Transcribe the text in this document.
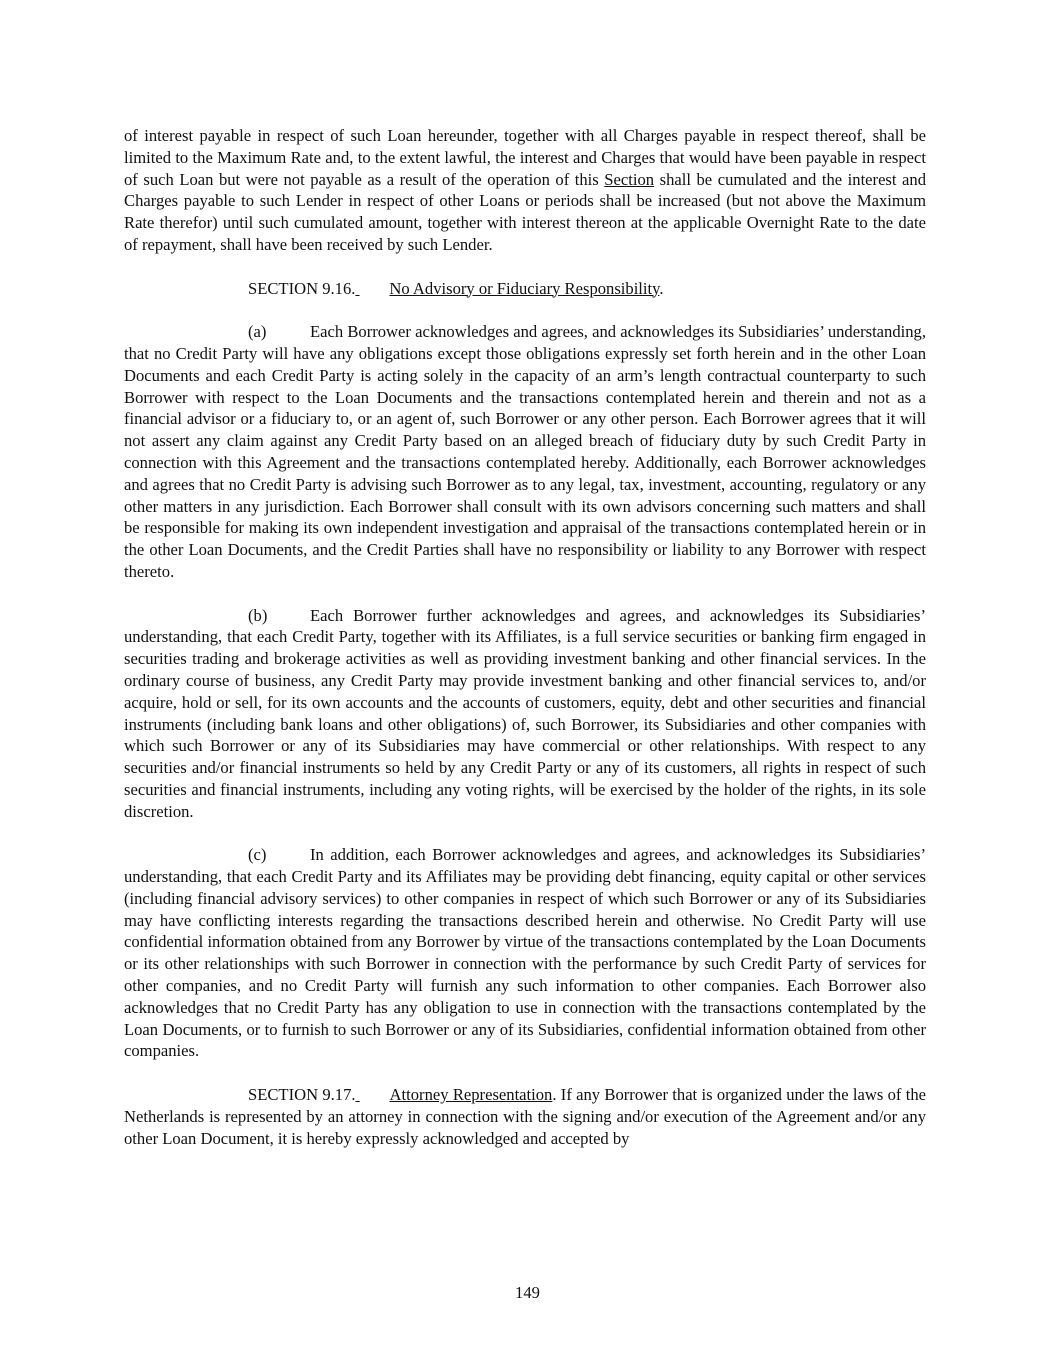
of interest payable in respect of such Loan hereunder, together with all Charges payable in respect thereof, shall be limited to the Maximum Rate and, to the extent lawful, the interest and Charges that would have been payable in respect of such Loan but were not payable as a result of the operation of this Section shall be cumulated and the interest and Charges payable to such Lender in respect of other Loans or periods shall be increased (but not above the Maximum Rate therefor) until such cumulated amount, together with interest thereon at the applicable Overnight Rate to the date of repayment, shall have been received by such Lender.

SECTION 9.16. No Advisory or Fiduciary Responsibility.

(a)	Each Borrower acknowledges and agrees, and acknowledges its Subsidiaries’ understanding, that no Credit Party will have any obligations except those obligations expressly set forth herein and in the other Loan Documents and each Credit Party is acting solely in the capacity of an arm’s length contractual counterparty to such Borrower with respect to the Loan Documents and the transactions contemplated herein and therein and not as a financial advisor or a fiduciary to, or an agent of, such Borrower or any other person. Each Borrower agrees that it will not assert any claim against any Credit Party based on an alleged breach of fiduciary duty by such Credit Party in connection with this Agreement and the transactions contemplated hereby. Additionally, each Borrower acknowledges and agrees that no Credit Party is advising such Borrower as to any legal, tax, investment, accounting, regulatory or any other matters in any jurisdiction. Each Borrower shall consult with its own advisors concerning such matters and shall be responsible for making its own independent investigation and appraisal of the transactions contemplated herein or in the other Loan Documents, and the Credit Parties shall have no responsibility or liability to any Borrower with respect thereto.

(b)	Each Borrower further acknowledges and agrees, and acknowledges its Subsidiaries’ understanding, that each Credit Party, together with its Affiliates, is a full service securities or banking firm engaged in securities trading and brokerage activities as well as providing investment banking and other financial services. In the ordinary course of business, any Credit Party may provide investment banking and other financial services to, and/or acquire, hold or sell, for its own accounts and the accounts of customers, equity, debt and other securities and financial instruments (including bank loans and other obligations) of, such Borrower, its Subsidiaries and other companies with which such Borrower or any of its Subsidiaries may have commercial or other relationships. With respect to any securities and/or financial instruments so held by any Credit Party or any of its customers, all rights in respect of such securities and financial instruments, including any voting rights, will be exercised by the holder of the rights, in its sole discretion.

(c)	In addition, each Borrower acknowledges and agrees, and acknowledges its Subsidiaries’ understanding, that each Credit Party and its Affiliates may be providing debt financing, equity capital or other services (including financial advisory services) to other companies in respect of which such Borrower or any of its Subsidiaries may have conflicting interests regarding the transactions described herein and otherwise. No Credit Party will use confidential information obtained from any Borrower by virtue of the transactions contemplated by the Loan Documents or its other relationships with such Borrower in connection with the performance by such Credit Party of services for other companies, and no Credit Party will furnish any such information to other companies. Each Borrower also acknowledges that no Credit Party has any obligation to use in connection with the transactions contemplated by the Loan Documents, or to furnish to such Borrower or any of its Subsidiaries, confidential information obtained from other companies.

SECTION 9.17. Attorney Representation. If any Borrower that is organized under the laws of the Netherlands is represented by an attorney in connection with the signing and/or execution of the Agreement and/or any other Loan Document, it is hereby expressly acknowledged and accepted by

149
